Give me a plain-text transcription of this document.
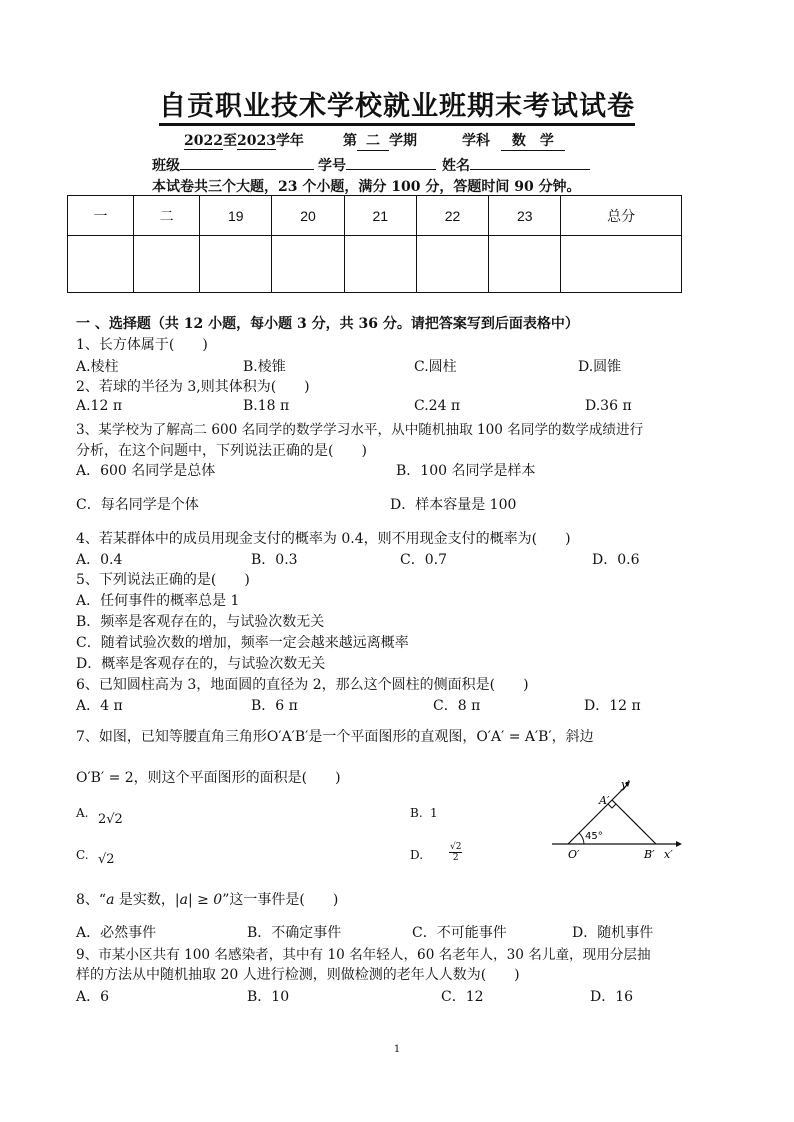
自贡职业技术学校就业班期末考试试卷
2022至2023学年	第 二 学期	学科 数　学
班级	学号	姓名
本试卷共三个大题，23 个小题，满分 100 分，答题时间 90 分钟。
一	二	19	20	21	22	23	总分

一 、选择题（共 12 小题，每小题 3 分，共 36 分。请把答案写到后面表格中）
1、长方体属于(　　)
A.棱柱	B.棱锥	C.圆柱	D.圆锥
2、若球的半径为 3,则其体积为(　　)
A.12 π	B.18 π	C.24 π	D.36 π
3、某学校为了解高二 600 名同学的数学学习水平，从中随机抽取 100 名同学的数学成绩进行
分析，在这个问题中，下列说法正确的是(　　)
A．600 名同学是总体	B．100 名同学是样本
C．每名同学是个体	D．样本容量是 100
4、若某群体中的成员用现金支付的概率为 0.4，则不用现金支付的概率为(　　)
A．0.4	B．0.3	C．0.7	D．0.6
5、下列说法正确的是(　　)
A．任何事件的概率总是 1
B．频率是客观存在的，与试验次数无关
C．随着试验次数的增加，频率一定会越来越远离概率
D．概率是客观存在的，与试验次数无关
6、已知圆柱高为 3，地面圆的直径为 2，那么这个圆柱的侧面积是(　　)
A．4 π	B．6 π	C．8 π	D．12 π
7、如图，已知等腰直角三角形O′A′B′是一个平面图形的直观图，O′A′ = A′B′，斜边
O′B′ = 2，则这个平面图形的面积是(　　)
A. 2√2	B. 1
C. √2	D.	$\frac{√2}{2}$
y′
A′
45°
O′	B′ x′
8、“a 是实数，|a| ≥ 0”这一事件是(　　)
A．必然事件	B．不确定事件	C．不可能事件	D．随机事件
9、市某小区共有 100 名感染者，其中有 10 名年轻人，60 名老年人，30 名儿童，现用分层抽
样的方法从中随机抽取 20 人进行检测，则做检测的老年人人数为(　　)
A．6	B．10	C．12	D．16
1
